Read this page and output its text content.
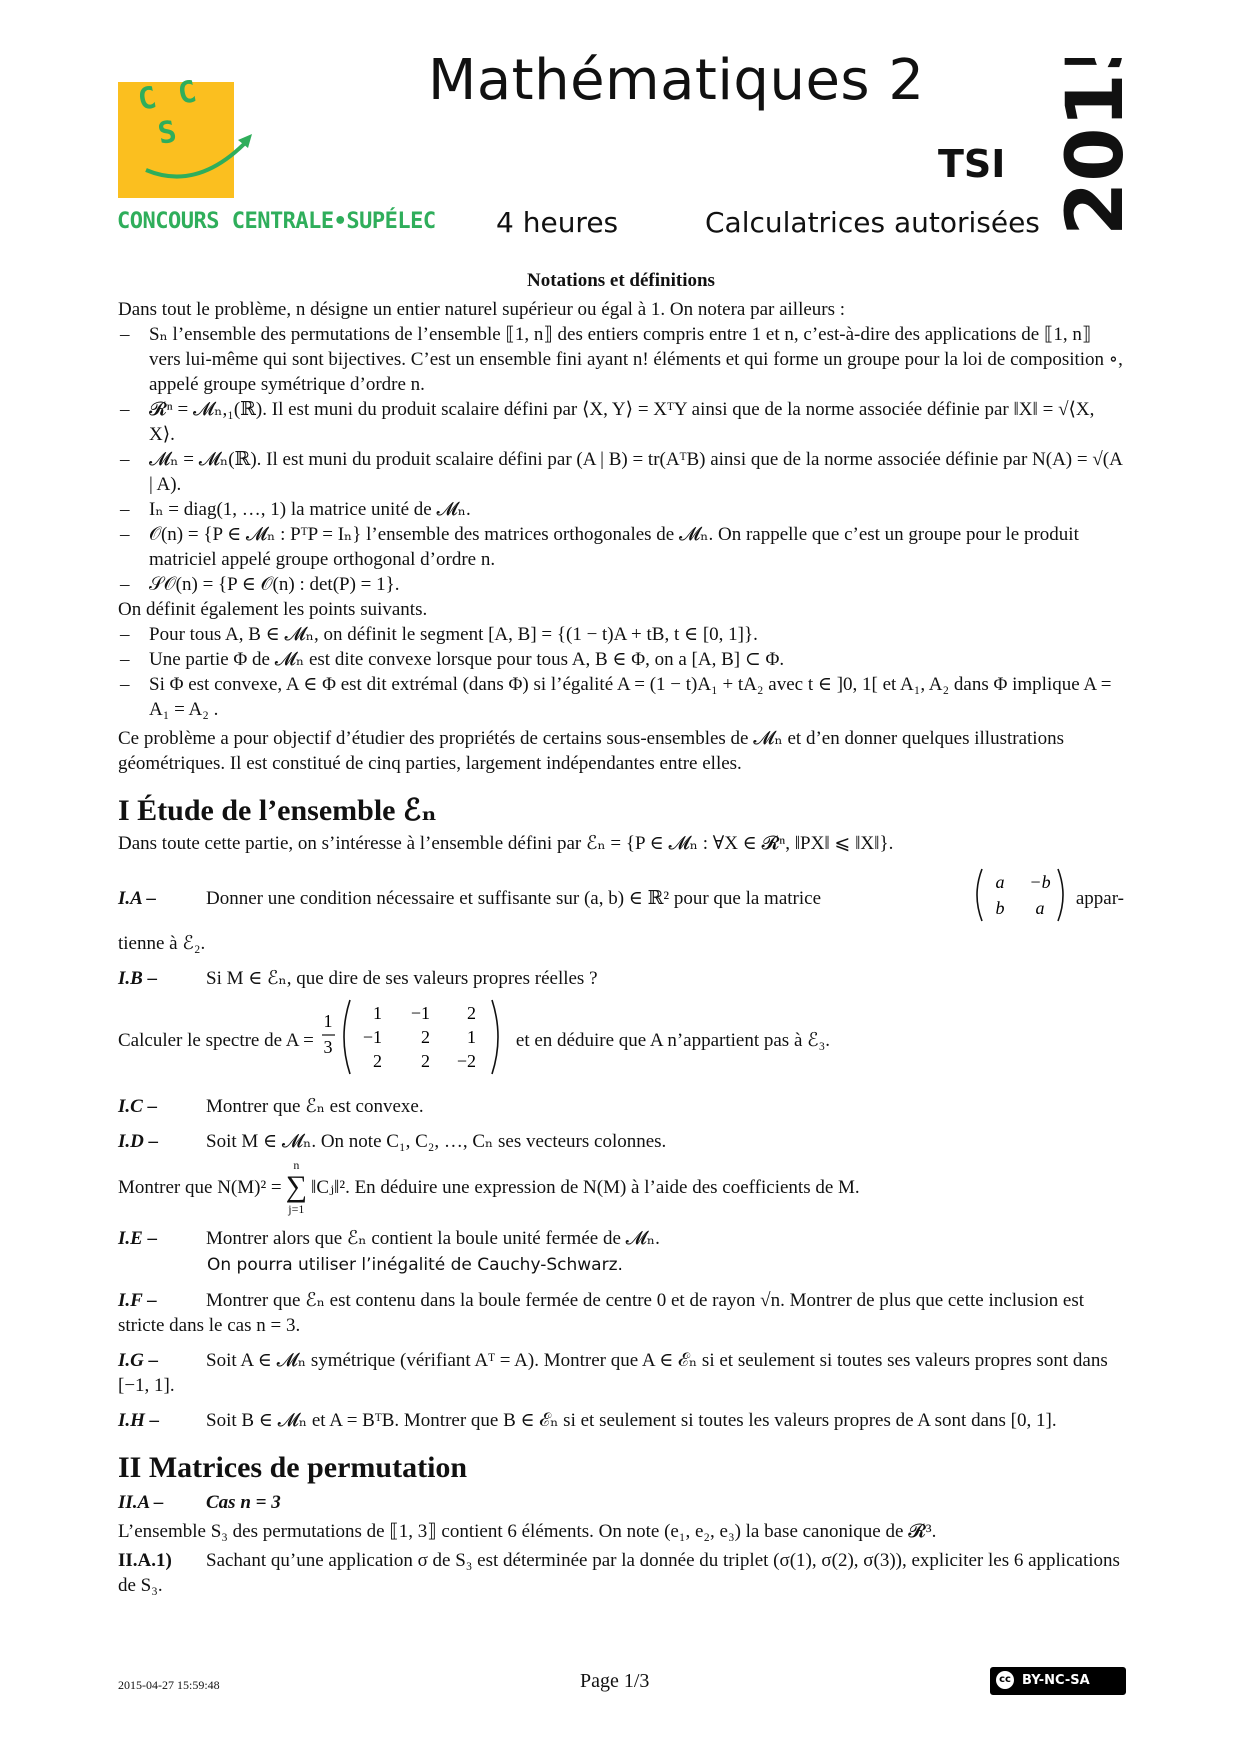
C C
S
CONCOURS CENTRALE•SUPÉLEC
Mathématiques 2
TSI 2015
4 heures	Calculatrices autorisées

Notations et définitions

Dans tout le problème, n désigne un entier naturel supérieur ou égal à 1. On notera par ailleurs :

– Sₙ l’ensemble des permutations de l’ensemble ⟦1, n⟧ des entiers compris entre 1 et n, c’est-à-dire des applications de ⟦1, n⟧ vers lui-même qui sont bijectives. C’est un ensemble fini ayant n! éléments et qui forme un groupe pour la loi de composition ∘, appelé groupe symétrique d’ordre n.
– 𝓡ⁿ = 𝓜ₙ,₁(ℝ). Il est muni du produit scalaire défini par ⟨X, Y⟩ = XᵀY ainsi que de la norme associée définie par ‖X‖ = √⟨X, X⟩.
– 𝓜ₙ = 𝓜ₙ(ℝ). Il est muni du produit scalaire défini par (A | B) = tr(AᵀB) ainsi que de la norme associée définie par N(A) = √(A | A).
– Iₙ = diag(1, …, 1) la matrice unité de 𝓜ₙ.
– 𝒪(n) = {P ∈ 𝓜ₙ : PᵀP = Iₙ} l’ensemble des matrices orthogonales de 𝓜ₙ. On rappelle que c’est un groupe pour le produit matriciel appelé groupe orthogonal d’ordre n.
– 𝒮𝒪(n) = {P ∈ 𝒪(n) : det(P) = 1}.

On définit également les points suivants.

– Pour tous A, B ∈ 𝓜ₙ, on définit le segment [A, B] = {(1 − t)A + tB, t ∈ [0, 1]}.
– Une partie Φ de 𝓜ₙ est dite convexe lorsque pour tous A, B ∈ Φ, on a [A, B] ⊂ Φ.
– Si Φ est convexe, A ∈ Φ est dit extrémal (dans Φ) si l’égalité A = (1 − t)A₁ + tA₂ avec t ∈ ]0, 1[ et A₁, A₂ dans Φ implique A = A₁ = A₂ .

Ce problème a pour objectif d’étudier des propriétés de certains sous-ensembles de 𝓜ₙ et d’en donner quelques illustrations géométriques. Il est constitué de cinq parties, largement indépendantes entre elles.

I Étude de l’ensemble ℰₙ

Dans toute cette partie, on s’intéresse à l’ensemble défini par ℰₙ = {P ∈ 𝓜ₙ : ∀X ∈ 𝓡ⁿ, ‖PX‖ ⩽ ‖X‖}.

I.A –	Donner une condition nécessaire et suffisante sur (a, b) ∈ ℝ² pour que la matrice
a −b
b a appar-

tienne à ℰ₂.

I.B –	Si M ∈ ℰₙ, que dire de ses valeurs propres réelles ?

Calculer le spectre de A =
1
3
1 −1 2
−1 2 1
2 2 −2
et en déduire que A n’appartient pas à ℰ₃.

I.C –	Montrer que ℰₙ est convexe.

I.D –	Soit M ∈ 𝓜ₙ. On note C₁, C₂, …, Cₙ ses vecteurs colonnes.

Montrer que N(M)² =
n
∑
j=1
‖Cⱼ‖². En déduire une expression de N(M) à l’aide des coefficients de M.

I.E –	Montrer alors que ℰₙ contient la boule unité fermée de 𝓜ₙ.
On pourra utiliser l’inégalité de Cauchy-Schwarz.

I.F –	Montrer que ℰₙ est contenu dans la boule fermée de centre 0 et de rayon √n. Montrer de plus que cette inclusion est stricte dans le cas n = 3.

I.G –	Soit A ∈ 𝓜ₙ symétrique (vérifiant Aᵀ = A). Montrer que A ∈ ℰₙ si et seulement si toutes ses valeurs propres sont dans [−1, 1].

I.H – Soit B ∈ 𝓜ₙ et A = BᵀB. Montrer que B ∈ ℰₙ si et seulement si toutes les valeurs propres de A sont dans [0, 1].

II Matrices de permutation

II.A – Cas n = 3

L’ensemble S₃ des permutations de ⟦1, 3⟧ contient 6 éléments. On note (e₁, e₂, e₃) la base canonique de 𝓡³.

II.A.1) Sachant qu’une application σ de S₃ est déterminée par la donnée du triplet (σ(1), σ(2), σ(3)), expliciter les 6 applications de S₃.

2015-04-27 15:59:48	Page 1/3	cc BY-NC-SA
